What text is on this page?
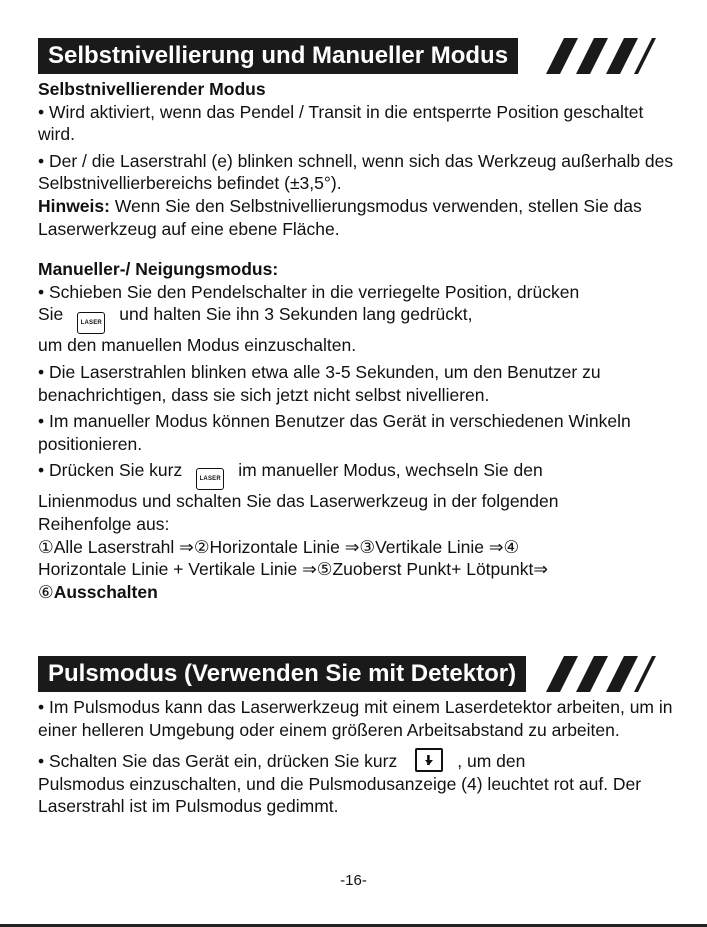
Selbstnivellierung und Manueller Modus

Selbstnivellierender Modus

• Wird aktiviert, wenn das Pendel / Transit in die entsperrte Position geschaltet wird.

• Der / die Laserstrahl (e) blinken schnell, wenn sich das Werkzeug außerhalb des Selbstnivellierbereichs befindet (±3,5°).

Hinweis: Wenn Sie den Selbstnivellierungsmodus verwenden, stellen Sie das Laserwerkzeug auf eine ebene Fläche.

Manueller-/ Neigungsmodus:

• Schieben Sie den Pendelschalter in die verriegelte Position, drücken
Sie	LASER und halten Sie ihn 3 Sekunden lang gedrückt,
um den manuellen Modus einzuschalten.

• Die Laserstrahlen blinken etwa alle 3-5 Sekunden, um den Benutzer zu benachrichtigen, dass sie sich jetzt nicht selbst nivellieren.

• Im manueller Modus können Benutzer das Gerät in verschiedenen Winkeln positionieren.

• Drücken Sie kurz	LASER im manueller Modus, wechseln Sie den
Linienmodus und schalten Sie das Laserwerkzeug in der folgenden
Reihenfolge aus:
①Alle Laserstrahl ⇒②Horizontale Linie ⇒③Vertikale Linie ⇒④
Horizontale Linie + Vertikale Linie ⇒⑤Zuoberst Punkt+ Lötpunkt⇒
⑥Ausschalten

Pulsmodus (Verwenden Sie mit Detektor)

• Im Pulsmodus kann das Laserwerkzeug mit einem Laserdetektor arbeiten, um in einer helleren Umgebung oder einem größeren Arbeitsabstand zu arbeiten.

• Schalten Sie das Gerät ein, drücken Sie kurz	, um den
Pulsmodus einzuschalten, und die Pulsmodusanzeige (4) leuchtet rot auf. Der Laserstrahl ist im Pulsmodus gedimmt.

-16-
